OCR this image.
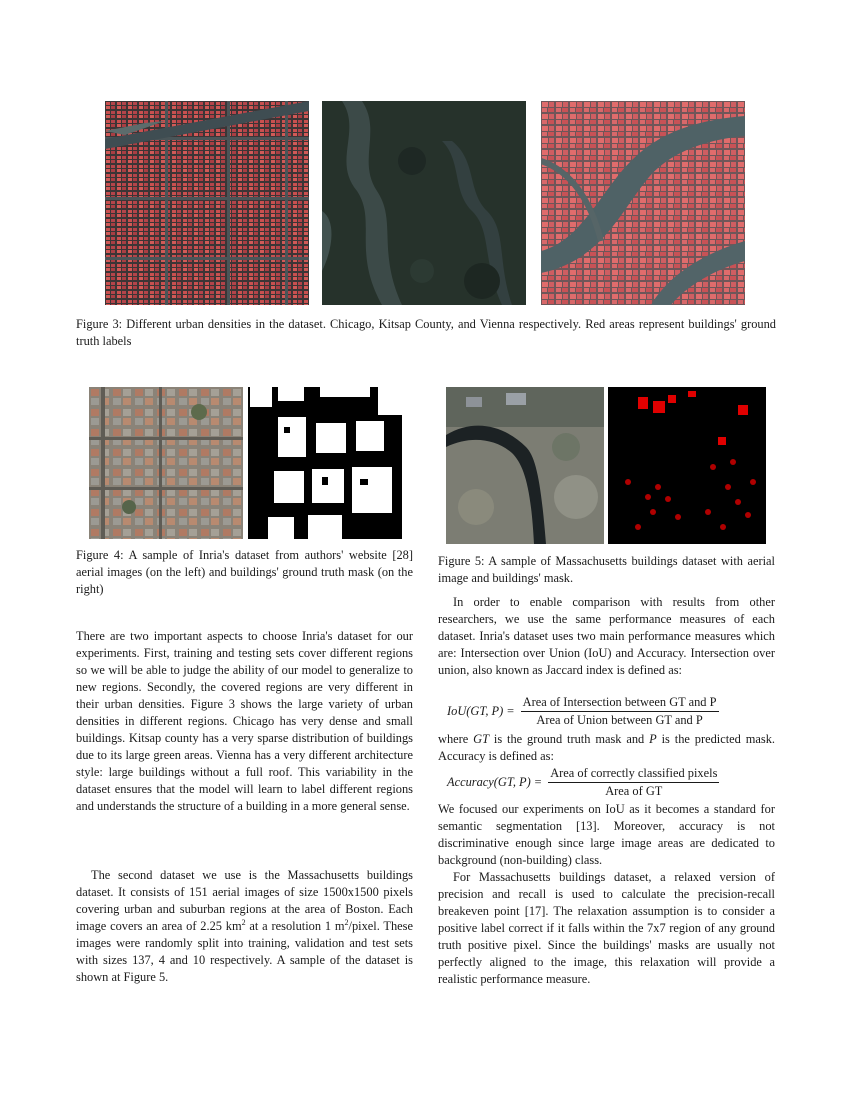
Figure 3: Different urban densities in the dataset. Chicago, Kitsap County, and Vienna respectively. Red areas represent buildings' ground truth labels
Figure 4: A sample of Inria's dataset from authors' website [28] aerial images (on the left) and buildings' ground truth mask (on the right)
Figure 5: A sample of Massachusetts buildings dataset with aerial image and buildings' mask.

There are two important aspects to choose Inria's dataset for our experiments. First, training and testing sets cover different regions so we will be able to judge the ability of our model to generalize to new regions. Secondly, the covered regions are very different in their urban densities. Figure 3 shows the large variety of urban densities in different regions. Chicago has very dense and small buildings. Kitsap county has a very sparse distribution of buildings due to its large green areas. Vienna has a very different architecture style: large buildings without a full roof. This variability in the dataset ensures that the model will learn to label different regions and understands the structure of a building in a more general sense.

The second dataset we use is the Massachusetts buildings dataset. It consists of 151 aerial images of size 1500x1500 pixels covering urban and suburban regions at the area of Boston. Each image covers an area of 2.25 $km^2$ at a resolution 1 $m^2$/pixel. These images were randomly split into training, validation and test sets with sizes 137, 4 and 10 respectively. A sample of the dataset is shown at Figure 5.

In order to enable comparison with results from other researchers, we use the same performance measures of each dataset. Inria's dataset uses two main performance measures which are: Intersection over Union (IoU) and Accuracy. Intersection over union, also known as Jaccard index is defined as:

IoU(GT, $P) = \frac{\text{Area of Intersection between GT and P}}{\text{Area of Union between GT and P}}$

where GT is the ground truth mask and P is the predicted mask. Accuracy is defined as:

Accuracy(GT, $P) = \frac{\text{Area of correctly classified pixels}}{\text{Area of GT}}$

We focused our experiments on IoU as it becomes a standard for semantic segmentation [13]. Moreover, accuracy is not discriminative enough since large image areas are dedicated to background (non-building) class.

For Massachusetts buildings dataset, a relaxed version of precision and recall is used to calculate the precision-recall breakeven point [17]. The relaxation assumption is to consider a positive label correct if it falls within the 7x7 region of any ground truth positive pixel. Since the buildings' masks are usually not perfectly aligned to the image, this relaxation will provide a realistic performance measure.
